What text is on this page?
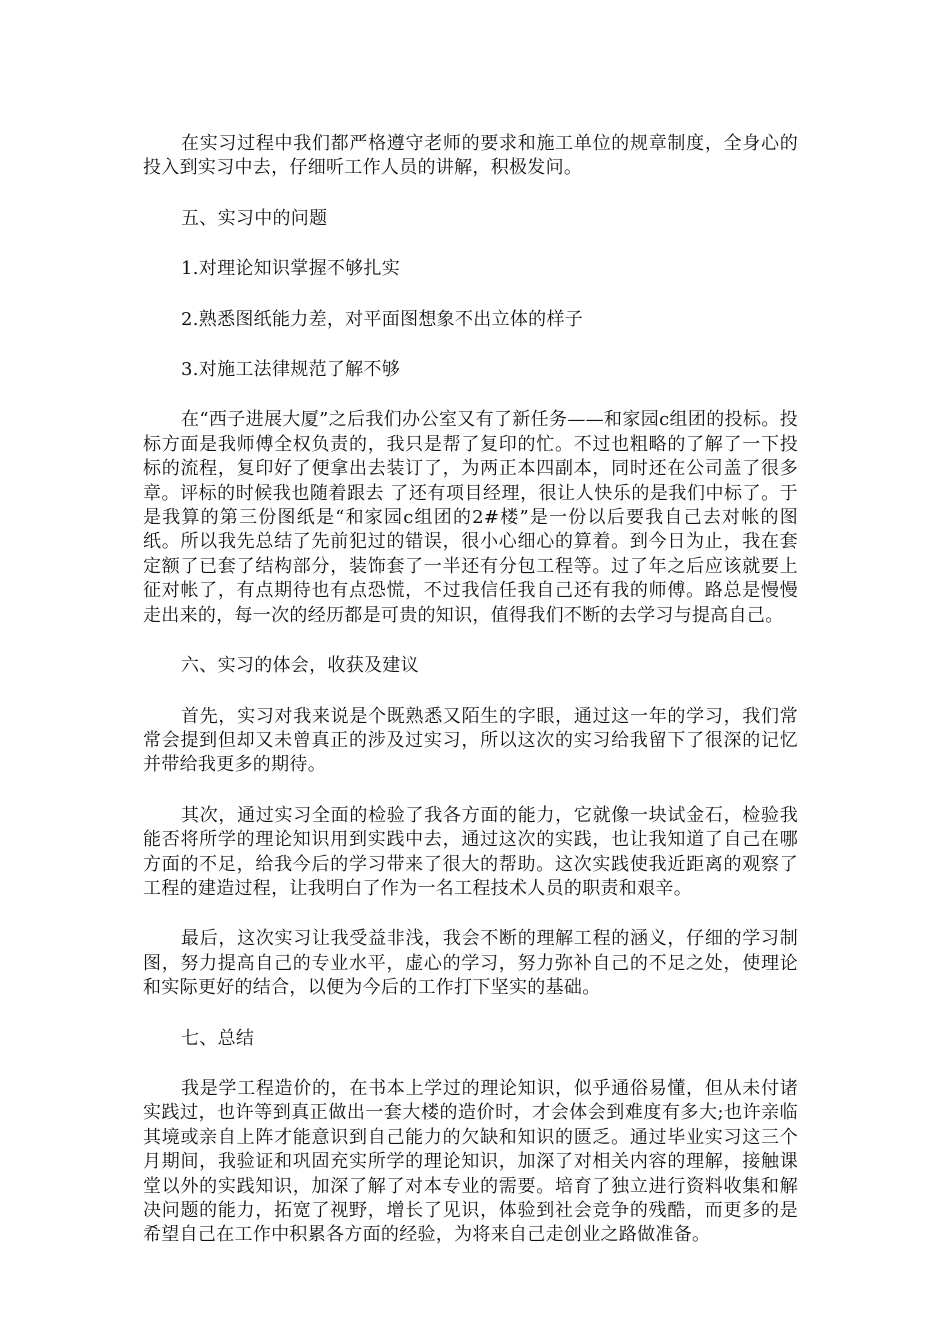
在实习过程中我们都严格遵守老师的要求和施工单位的规章制度，全身心的投入到实习中去，仔细听工作人员的讲解，积极发问。

五、实习中的问题

1.对理论知识掌握不够扎实

2.熟悉图纸能力差，对平面图想象不出立体的样子

3.对施工法律规范了解不够

在“西子进展大厦”之后我们办公室又有了新任务——和家园c组团的投标。投标方面是我师傅全权负责的，我只是帮了复印的忙。不过也粗略的了解了一下投标的流程，复印好了便拿出去装订了，为两正本四副本，同时还在公司盖了很多章。评标的时候我也随着跟去 了还有项目经理，很让人快乐的是我们中标了。于是我算的第三份图纸是“和家园c组团的2#楼”是一份以后要我自己去对帐的图纸。所以我先总结了先前犯过的错误，很小心细心的算着。到今日为止，我在套定额了已套了结构部分，装饰套了一半还有分包工程等。过了年之后应该就要上征对帐了，有点期待也有点恐慌，不过我信任我自己还有我的师傅。路总是慢慢走出来的，每一次的经历都是可贵的知识，值得我们不断的去学习与提高自己。

六、实习的体会，收获及建议

首先，实习对我来说是个既熟悉又陌生的字眼，通过这一年的学习，我们常常会提到但却又未曾真正的涉及过实习，所以这次的实习给我留下了很深的记忆并带给我更多的期待。

其次，通过实习全面的检验了我各方面的能力，它就像一块试金石，检验我能否将所学的理论知识用到实践中去，通过这次的实践，也让我知道了自己在哪方面的不足，给我今后的学习带来了很大的帮助。这次实践使我近距离的观察了工程的建造过程，让我明白了作为一名工程技术人员的职责和艰辛。

最后，这次实习让我受益非浅，我会不断的理解工程的涵义，仔细的学习制图，努力提高自己的专业水平，虚心的学习，努力弥补自己的不足之处，使理论和实际更好的结合，以便为今后的工作打下坚实的基础。

七、总结

我是学工程造价的，在书本上学过的理论知识，似乎通俗易懂，但从未付诸实践过，也许等到真正做出一套大楼的造价时，才会体会到难度有多大;也许亲临其境或亲自上阵才能意识到自己能力的欠缺和知识的匮乏。通过毕业实习这三个月期间，我验证和巩固充实所学的理论知识，加深了对相关内容的理解，接触课堂以外的实践知识，加深了解了对本专业的需要。培育了独立进行资料收集和解决问题的能力，拓宽了视野，增长了见识，体验到社会竞争的残酷，而更多的是希望自己在工作中积累各方面的经验，为将来自己走创业之路做准备。
